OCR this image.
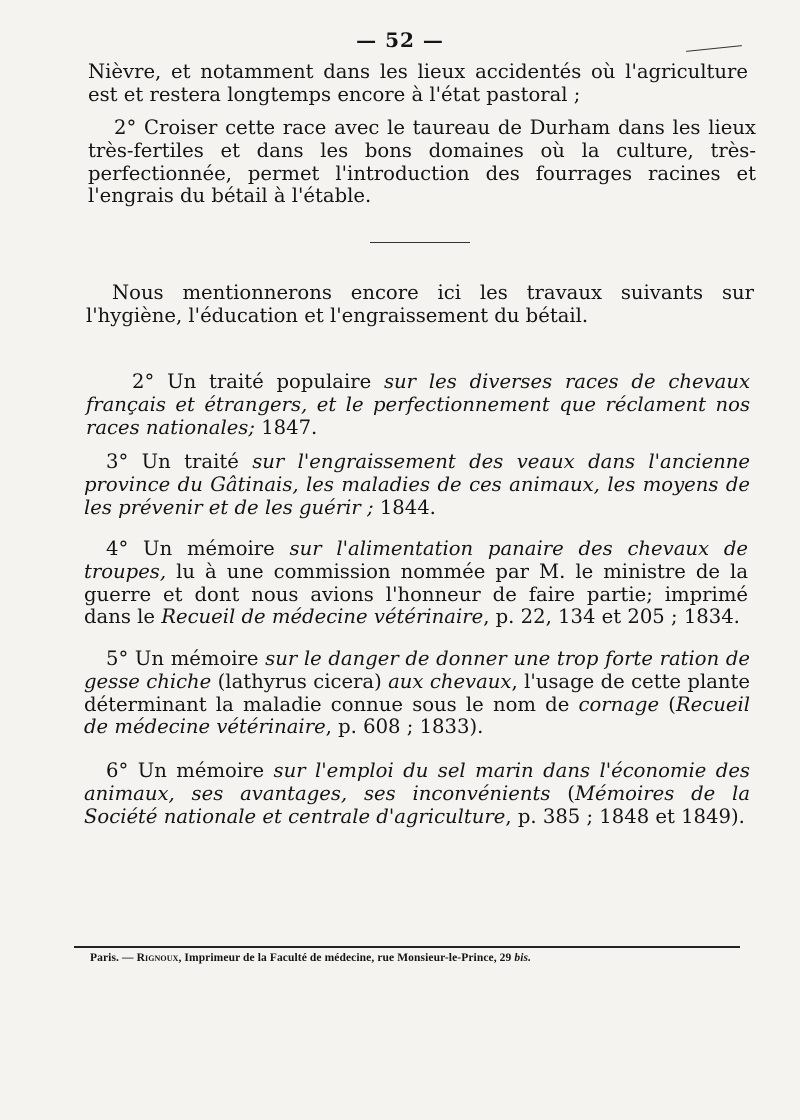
— 52 —

Nièvre, et notamment dans les lieux accidentés où l'agriculture est et restera longtemps encore à l'état pastoral ;

2° Croiser cette race avec le taureau de Durham dans les lieux très-fertiles et dans les bons domaines où la culture, très-perfectionnée, permet l'introduction des fourrages racines et l'engrais du bétail à l'étable.

Nous mentionnerons encore ici les travaux suivants sur l'hygiène, l'éducation et l'engraissement du bétail.

2° Un traité populaire sur les diverses races de chevaux français et étrangers, et le perfectionnement que réclament nos races nationales; 1847.

3° Un traité sur l'engraissement des veaux dans l'ancienne province du Gâtinais, les maladies de ces animaux, les moyens de les prévenir et de les guérir ; 1844.

4° Un mémoire sur l'alimentation panaire des chevaux de troupes, lu à une commission nommée par M. le ministre de la guerre et dont nous avions l'honneur de faire partie; imprimé dans le Recueil de médecine vétérinaire, p. 22, 134 et 205 ; 1834.

5° Un mémoire sur le danger de donner une trop forte ration de gesse chiche (lathyrus cicera) aux chevaux, l'usage de cette plante déterminant la maladie connue sous le nom de cornage (Recueil de médecine vétérinaire, p. 608 ; 1833).

6° Un mémoire sur l'emploi du sel marin dans l'économie des animaux, ses avantages, ses inconvénients (Mémoires de la Société nationale et centrale d'agriculture, p. 385 ; 1848 et 1849).

Paris. — Rignoux, Imprimeur de la Faculté de médecine, rue Monsieur-le-Prince, 29 bis.
